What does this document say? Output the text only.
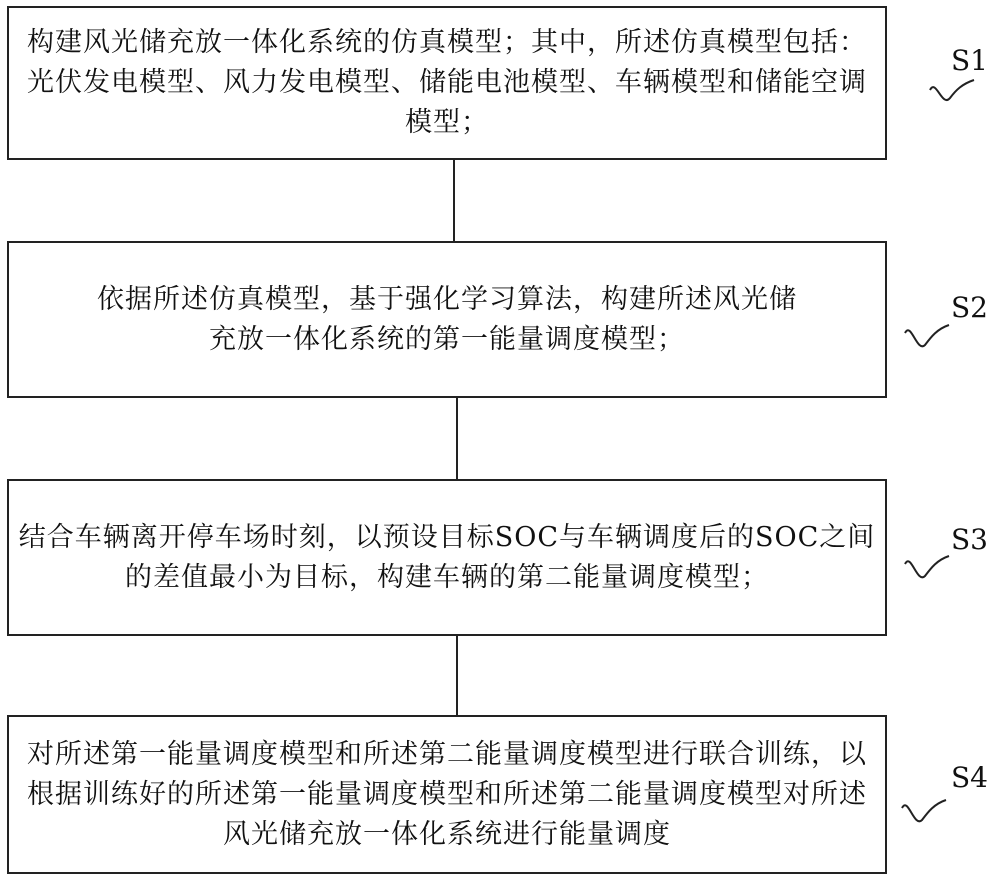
构建风光储充放一体化系统的仿真模型；其中，所述仿真模型包括：光伏发电模型、风力发电模型、储能电池模型、车辆模型和储能空调模型；
S1
依据所述仿真模型，基于强化学习算法，构建所述风光储充放一体化系统的第一能量调度模型；
S2
结合车辆离开停车场时刻，以预设目标SOC与车辆调度后的SOC之间的差值最小为目标，构建车辆的第二能量调度模型；
S3
对所述第一能量调度模型和所述第二能量调度模型进行联合训练，以根据训练好的所述第一能量调度模型和所述第二能量调度模型对所述风光储充放一体化系统进行能量调度
S4
